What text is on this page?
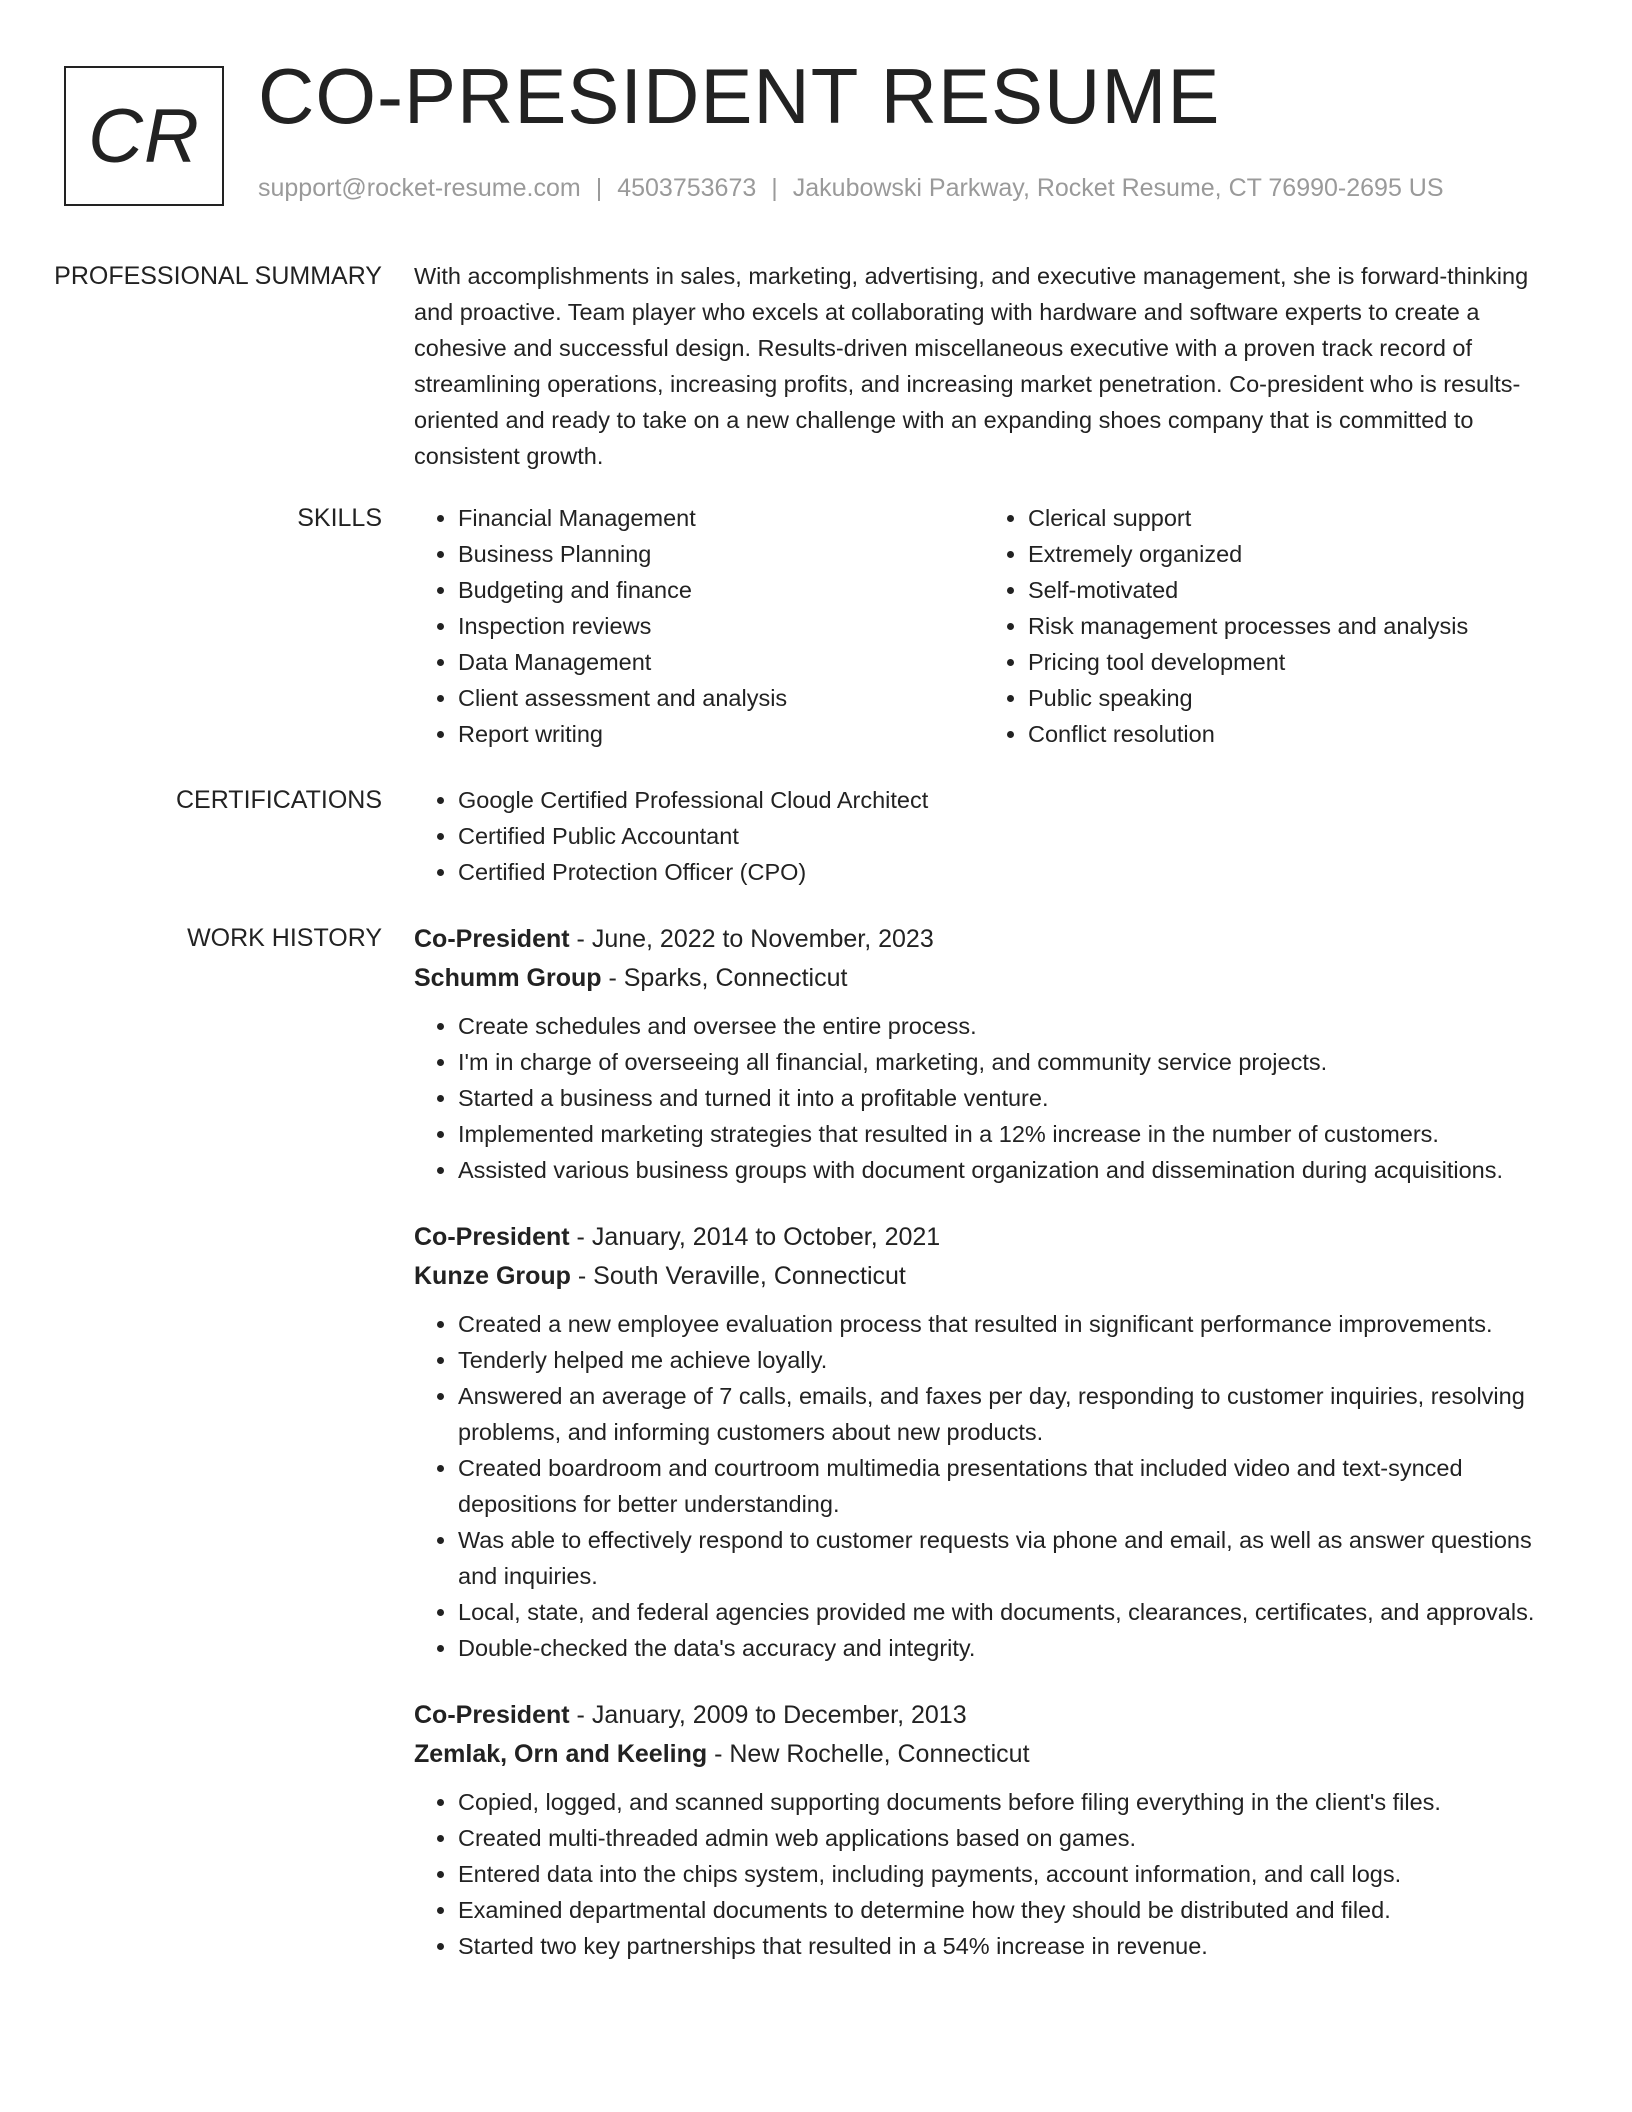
CR CO-PRESIDENT RESUME
support@rocket-resume.com | 4503753673 | Jakubowski Parkway, Rocket Resume, CT 76990-2695 US
PROFESSIONAL SUMMARY	With accomplishments in sales, marketing, advertising, and executive management, she is forward-thinking and proactive. Team player who excels at collaborating with hardware and software experts to create a cohesive and successful design. Results-driven miscellaneous executive with a proven track record of streamlining operations, increasing profits, and increasing market penetration. Co-president who is results-oriented and ready to take on a new challenge with an expanding shoes company that is committed to consistent growth.

SKILLS	• Financial Management
• Business Planning
• Budgeting and finance
• Inspection reviews
• Data Management
• Client assessment and analysis
• Report writing
• Clerical support
• Extremely organized
• Self-motivated
• Risk management processes and analysis
• Pricing tool development
• Public speaking
• Conflict resolution
CERTIFICATIONS	• Google Certified Professional Cloud Architect
• Certified Public Accountant
• Certified Protection Officer (CPO)
WORK HISTORY	Co-President - June, 2022 to November, 2023
Schumm Group - Sparks, Connecticut
• Create schedules and oversee the entire process.
• I'm in charge of overseeing all financial, marketing, and community service projects.
• Started a business and turned it into a profitable venture.
• Implemented marketing strategies that resulted in a 12% increase in the number of customers.
• Assisted various business groups with document organization and dissemination during acquisitions.
Co-President - January, 2014 to October, 2021
Kunze Group - South Veraville, Connecticut
• Created a new employee evaluation process that resulted in significant performance improvements.
• Tenderly helped me achieve loyally.
• Answered an average of 7 calls, emails, and faxes per day, responding to customer inquiries, resolving problems, and informing customers about new products.
• Created boardroom and courtroom multimedia presentations that included video and text-synced depositions for better understanding.
• Was able to effectively respond to customer requests via phone and email, as well as answer questions and inquiries.
• Local, state, and federal agencies provided me with documents, clearances, certificates, and approvals.
• Double-checked the data's accuracy and integrity.
Co-President - January, 2009 to December, 2013
Zemlak, Orn and Keeling - New Rochelle, Connecticut
• Copied, logged, and scanned supporting documents before filing everything in the client's files.
• Created multi-threaded admin web applications based on games.
• Entered data into the chips system, including payments, account information, and call logs.
• Examined departmental documents to determine how they should be distributed and filed.
• Started two key partnerships that resulted in a 54% increase in revenue.
